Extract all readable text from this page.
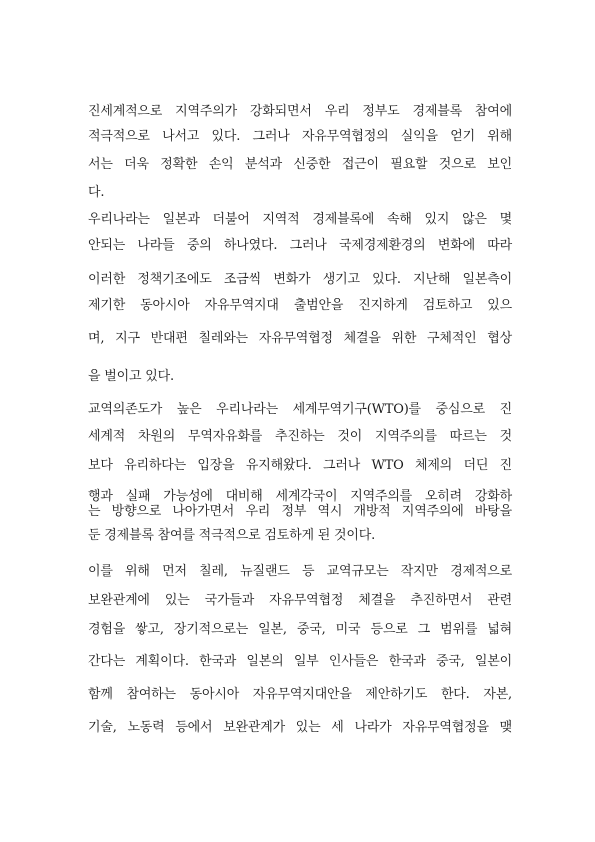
진세계적으로 지역주의가 강화되면서 우리 정부도 경제블록 참여에
적극적으로 나서고 있다. 그러나 자유무역협정의 실익을 얻기 위해
서는 더욱 정확한 손익 분석과 신중한 접근이 필요할 것으로 보인
다.
우리나라는 일본과 더불어 지역적 경제블록에 속해 있지 않은 몇
안되는 나라들 중의 하나였다. 그러나 국제경제환경의 변화에 따라
이러한 정책기조에도 조금씩 변화가 생기고 있다. 지난해 일본측이
제기한 동아시아 자유무역지대 출범안을 진지하게 검토하고 있으
며, 지구 반대편 칠레와는 자유무역협정 체결을 위한 구체적인 협상
을 벌이고 있다.
교역의존도가 높은 우리나라는 세계무역기구(WTO)를 중심으로 진
세계적 차원의 무역자유화를 추진하는 것이 지역주의를 따르는 것
보다 유리하다는 입장을 유지해왔다. 그러나 WTO 체제의 더딘 진
행과 실패 가능성에 대비해 세계각국이 지역주의를 오히려 강화하
는 방향으로 나아가면서 우리 정부 역시 개방적 지역주의에 바탕을
둔 경제블록 참여를 적극적으로 검토하게 된 것이다.
이를 위해 먼저 칠레, 뉴질랜드 등 교역규모는 작지만 경제적으로
보완관계에 있는 국가들과 자유무역협정 체결을 추진하면서 관련
경험을 쌓고, 장기적으로는 일본, 중국, 미국 등으로 그 범위를 넓혀
간다는 계획이다. 한국과 일본의 일부 인사들은 한국과 중국, 일본이
함께 참여하는 동아시아 자유무역지대안을 제안하기도 한다. 자본,
기술, 노동력 등에서 보완관계가 있는 세 나라가 자유무역협정을 맺
